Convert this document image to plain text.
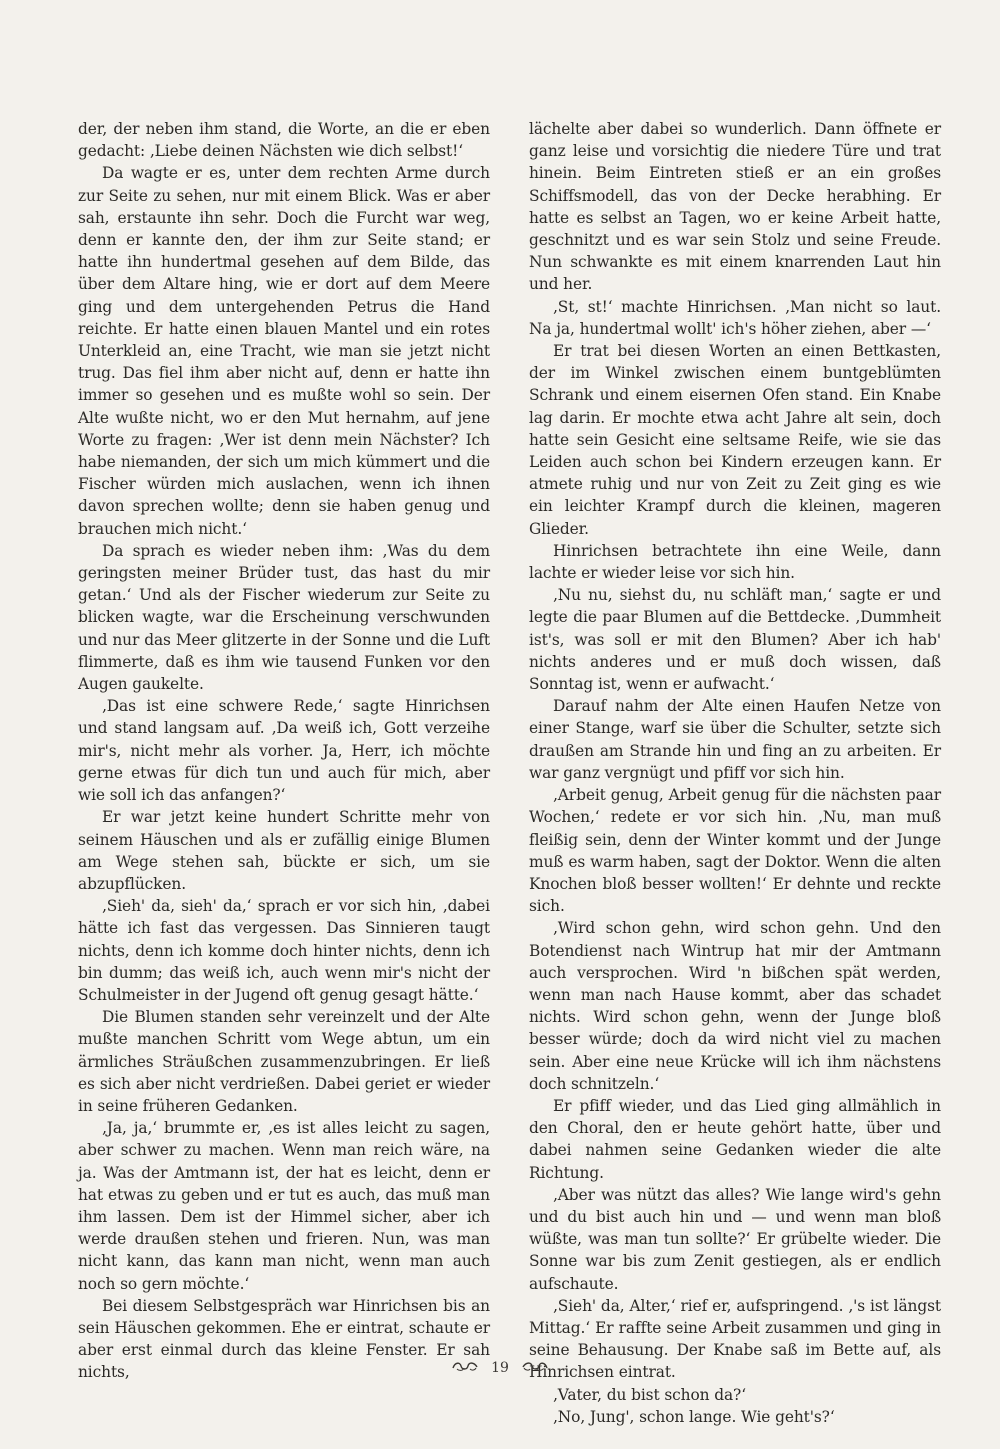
der, der neben ihm stand, die Worte, an die er eben gedacht: ‚Liebe deinen Nächsten wie dich selbst!‘

Da wagte er es, unter dem rechten Arme durch zur Seite zu sehen, nur mit einem Blick. Was er aber sah, erstaunte ihn sehr. Doch die Furcht war weg, denn er kannte den, der ihm zur Seite stand; er hatte ihn hundertmal gesehen auf dem Bilde, das über dem Altare hing, wie er dort auf dem Meere ging und dem untergehenden Petrus die Hand reichte. Er hatte einen blauen Mantel und ein rotes Unterkleid an, eine Tracht, wie man sie jetzt nicht trug. Das fiel ihm aber nicht auf, denn er hatte ihn immer so gesehen und es mußte wohl so sein. Der Alte wußte nicht, wo er den Mut hernahm, auf jene Worte zu fragen: ‚Wer ist denn mein Nächster? Ich habe niemanden, der sich um mich kümmert und die Fischer würden mich auslachen, wenn ich ihnen davon sprechen wollte; denn sie haben genug und brauchen mich nicht.‘

Da sprach es wieder neben ihm: ‚Was du dem geringsten meiner Brüder tust, das hast du mir getan.‘ Und als der Fischer wiederum zur Seite zu blicken wagte, war die Erscheinung verschwunden und nur das Meer glitzerte in der Sonne und die Luft flimmerte, daß es ihm wie tausend Funken vor den Augen gaukelte.

‚Das ist eine schwere Rede,‘ sagte Hinrichsen und stand langsam auf. ‚Da weiß ich, Gott verzeihe mir's, nicht mehr als vorher. Ja, Herr, ich möchte gerne etwas für dich tun und auch für mich, aber wie soll ich das anfangen?‘

Er war jetzt keine hundert Schritte mehr von seinem Häuschen und als er zufällig einige Blumen am Wege stehen sah, bückte er sich, um sie abzupflücken.

‚Sieh' da, sieh' da,‘ sprach er vor sich hin, ‚dabei hätte ich fast das vergessen. Das Sinnieren taugt nichts, denn ich komme doch hinter nichts, denn ich bin dumm; das weiß ich, auch wenn mir's nicht der Schulmeister in der Jugend oft genug gesagt hätte.‘

Die Blumen standen sehr vereinzelt und der Alte mußte manchen Schritt vom Wege abtun, um ein ärmliches Sträußchen zusammenzubringen. Er ließ es sich aber nicht verdrießen. Dabei geriet er wieder in seine früheren Gedanken.

‚Ja, ja,‘ brummte er, ‚es ist alles leicht zu sagen, aber schwer zu machen. Wenn man reich wäre, na ja. Was der Amtmann ist, der hat es leicht, denn er hat etwas zu geben und er tut es auch, das muß man ihm lassen. Dem ist der Himmel sicher, aber ich werde draußen stehen und frieren. Nun, was man nicht kann, das kann man nicht, wenn man auch noch so gern möchte.‘

Bei diesem Selbstgespräch war Hinrichsen bis an sein Häuschen gekommen. Ehe er eintrat, schaute er aber erst einmal durch das kleine Fenster. Er sah nichts,

lächelte aber dabei so wunderlich. Dann öffnete er ganz leise und vorsichtig die niedere Türe und trat hinein. Beim Eintreten stieß er an ein großes Schiffsmodell, das von der Decke herabhing. Er hatte es selbst an Tagen, wo er keine Arbeit hatte, geschnitzt und es war sein Stolz und seine Freude. Nun schwankte es mit einem knarrenden Laut hin und her.

‚St, st!‘ machte Hinrichsen. ‚Man nicht so laut. Na ja, hundertmal wollt' ich's höher ziehen, aber —‘

Er trat bei diesen Worten an einen Bettkasten, der im Winkel zwischen einem buntgeblümten Schrank und einem eisernen Ofen stand. Ein Knabe lag darin. Er mochte etwa acht Jahre alt sein, doch hatte sein Gesicht eine seltsame Reife, wie sie das Leiden auch schon bei Kindern erzeugen kann. Er atmete ruhig und nur von Zeit zu Zeit ging es wie ein leichter Krampf durch die kleinen, mageren Glieder.

Hinrichsen betrachtete ihn eine Weile, dann lachte er wieder leise vor sich hin.

‚Nu nu, siehst du, nu schläft man,‘ sagte er und legte die paar Blumen auf die Bettdecke. ‚Dummheit ist's, was soll er mit den Blumen? Aber ich hab' nichts anderes und er muß doch wissen, daß Sonntag ist, wenn er aufwacht.‘

Darauf nahm der Alte einen Haufen Netze von einer Stange, warf sie über die Schulter, setzte sich draußen am Strande hin und fing an zu arbeiten. Er war ganz vergnügt und pfiff vor sich hin.

‚Arbeit genug, Arbeit genug für die nächsten paar Wochen,‘ redete er vor sich hin. ‚Nu, man muß fleißig sein, denn der Winter kommt und der Junge muß es warm haben, sagt der Doktor. Wenn die alten Knochen bloß besser wollten!‘ Er dehnte und reckte sich.

‚Wird schon gehn, wird schon gehn. Und den Botendienst nach Wintrup hat mir der Amtmann auch versprochen. Wird 'n bißchen spät werden, wenn man nach Hause kommt, aber das schadet nichts. Wird schon gehn, wenn der Junge bloß besser würde; doch da wird nicht viel zu machen sein. Aber eine neue Krücke will ich ihm nächstens doch schnitzeln.‘

Er pfiff wieder, und das Lied ging allmählich in den Choral, den er heute gehört hatte, über und dabei nahmen seine Gedanken wieder die alte Richtung.

‚Aber was nützt das alles? Wie lange wird's gehn und du bist auch hin und — und wenn man bloß wüßte, was man tun sollte?‘ Er grübelte wieder. Die Sonne war bis zum Zenit gestiegen, als er endlich aufschaute.

‚Sieh' da, Alter,‘ rief er, aufspringend. ‚'s ist längst Mittag.‘ Er raffte seine Arbeit zusammen und ging in seine Behausung. Der Knabe saß im Bette auf, als Hinrichsen eintrat.

‚Vater, du bist schon da?‘

‚No, Jung', schon lange. Wie geht's?‘

19
